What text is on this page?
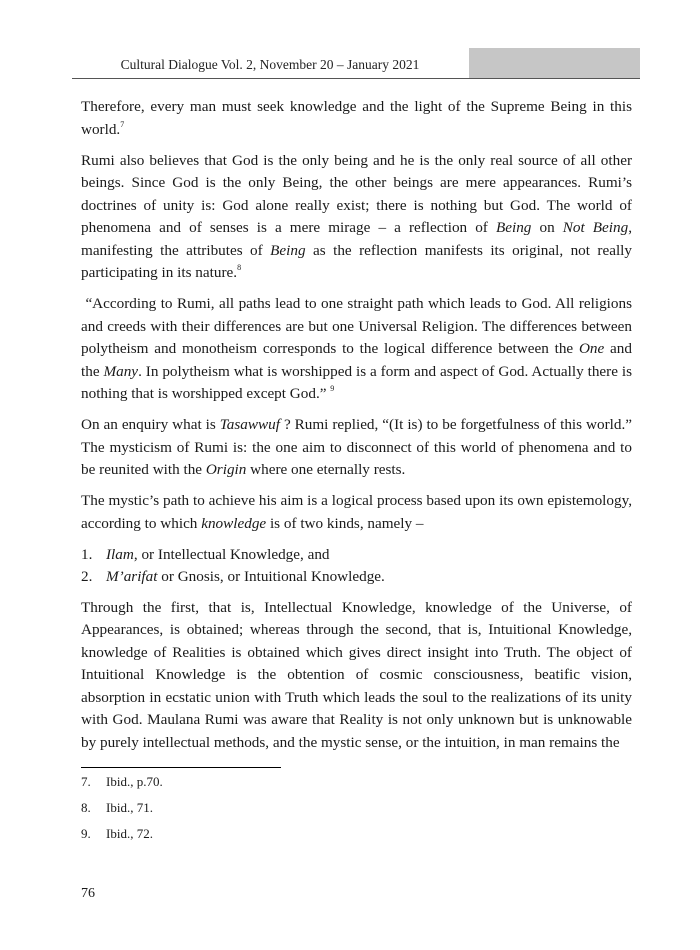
Cultural Dialogue Vol. 2, November 20 – January 2021

Therefore, every man must seek knowledge and the light of the Supreme Being in this world.$^7$

Rumi also believes that God is the only being and he is the only real source of all other beings. Since God is the only Being, the other beings are mere appearances. Rumi’s doctrines of unity is: God alone really exist; there is nothing but God. The world of phenomena and of senses is a mere mirage – a reflection of Being on Not Being, manifesting the attributes of Being as the reflection manifests its original, not really participating in its nature.$^8$

“According to Rumi, all paths lead to one straight path which leads to God. All religions and creeds with their differences are but one Universal Religion. The differences between polytheism and monotheism corresponds to the logical difference between the One and the Many. In polytheism what is worshipped is a form and aspect of God. Actually there is nothing that is worshipped except God.” $^9$

On an enquiry what is Tasawwuf ? Rumi replied, “(It is) to be forgetfulness of this world.” The mysticism of Rumi is: the one aim to disconnect of this world of phenomena and to be reunited with the Origin where one eternally rests.

The mystic’s path to achieve his aim is a logical process based upon its own epistemology, according to which knowledge is of two kinds, namely –

1. Ilam, or Intellectual Knowledge, and
2. M’arifat or Gnosis, or Intuitional Knowledge.

Through the first, that is, Intellectual Knowledge, knowledge of the Universe, of Appearances, is obtained; whereas through the second, that is, Intuitional Knowledge, knowledge of Realities is obtained which gives direct insight into Truth. The object of Intuitional Knowledge is the obtention of cosmic consciousness, beatific vision, absorption in ecstatic union with Truth which leads the soul to the realizations of its unity with God. Maulana Rumi was aware that Reality is not only unknown but is unknowable by purely intellectual methods, and the mystic sense, or the intuition, in man remains the

7.	Ibid., p.70.
8.	Ibid., 71.
9.	Ibid., 72.
76
